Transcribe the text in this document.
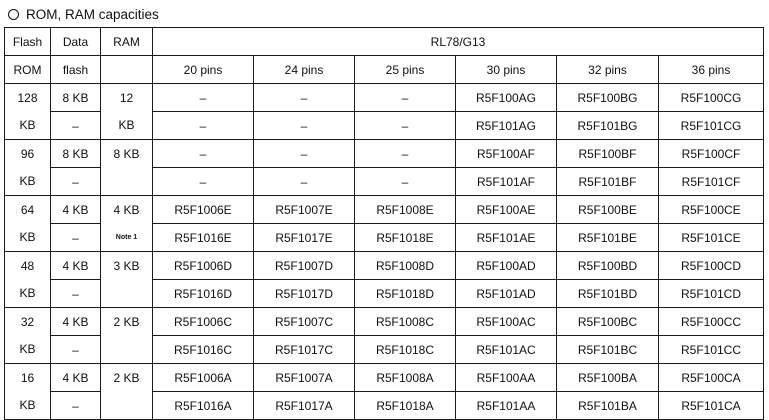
ROM, RAM capacities
Flash	Data	RAM	RL78/G13					
ROM	flash		20 pins	24 pins	25 pins	30 pins	32 pins	36 pins
128	8 KB	12	–	–	–	R5F100AG	R5F100BG	R5F100CG
KB	–	KB	–	–	–	R5F101AG	R5F101BG	R5F101CG
96	8 KB	8 KB	–	–	–	R5F100AF	R5F100BF	R5F100CF
KB	–		–	–	–	R5F101AF	R5F101BF	R5F101CF
64	4 KB	4 KB	R5F1006E	R5F1007E	R5F1008E	R5F100AE	R5F100BE	R5F100CE
KB	–	Note 1	R5F1016E	R5F1017E	R5F1018E	R5F101AE	R5F101BE	R5F101CE
48	4 KB	3 KB	R5F1006D	R5F1007D	R5F1008D	R5F100AD	R5F100BD	R5F100CD
KB	–		R5F1016D	R5F1017D	R5F1018D	R5F101AD	R5F101BD	R5F101CD
32	4 KB	2 KB	R5F1006C	R5F1007C	R5F1008C	R5F100AC	R5F100BC	R5F100CC
KB	–		R5F1016C	R5F1017C	R5F1018C	R5F101AC	R5F101BC	R5F101CC
16	4 KB	2 KB	R5F1006A	R5F1007A	R5F1008A	R5F100AA	R5F100BA	R5F100CA
KB	–		R5F1016A	R5F1017A	R5F1018A	R5F101AA	R5F101BA	R5F101CA
